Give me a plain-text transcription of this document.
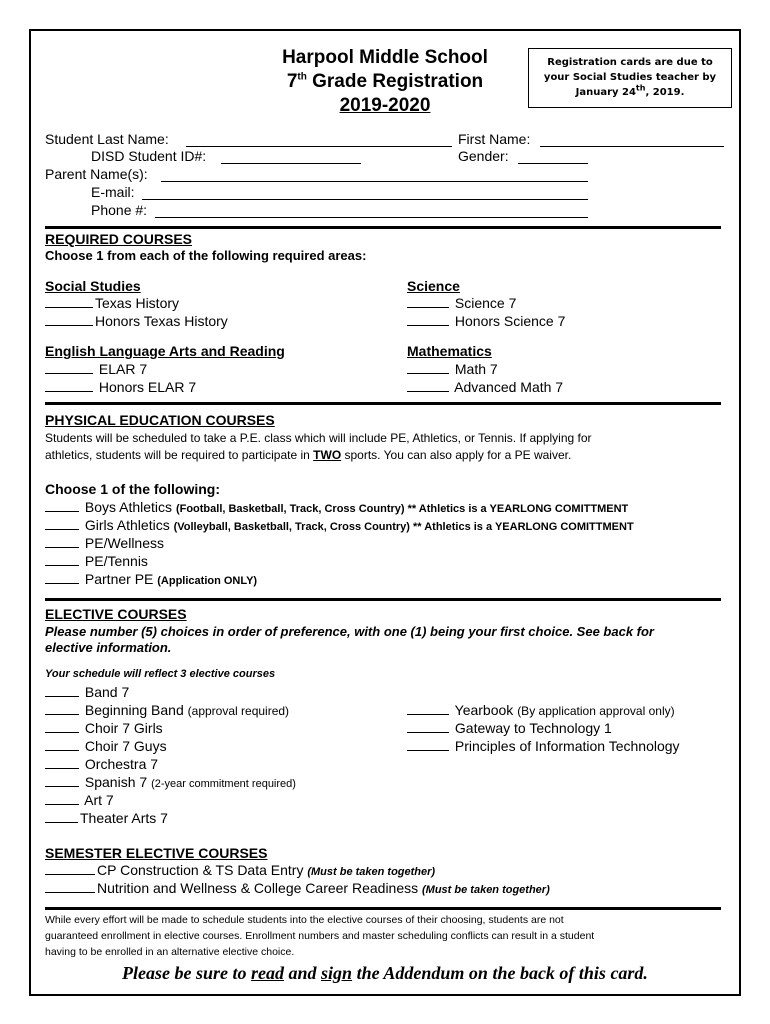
Harpool Middle School
7th Grade Registration
2019-2020
Registration cards are due to
your Social Studies teacher by
January 24th, 2019.
Student Last Name:	First Name:
DISD Student ID#:	Gender:
Parent Name(s):
E-mail:
Phone #:
REQUIRED COURSES
Choose 1 from each of the following required areas:
Social Studies
Texas History
Honors Texas History
Science
Science 7
Honors Science 7
English Language Arts and Reading
ELAR 7
Honors ELAR 7
Mathematics
Math 7
Advanced Math 7
PHYSICAL EDUCATION COURSES
Students will be scheduled to take a P.E. class which will include PE, Athletics, or Tennis. If applying for
athletics, students will be required to participate in TWO sports. You can also apply for a PE waiver.
Choose 1 of the following:
Boys Athletics (Football, Basketball, Track, Cross Country) ** Athletics is a YEARLONG COMITTMENT
Girls Athletics (Volleyball, Basketball, Track, Cross Country) ** Athletics is a YEARLONG COMITTMENT
PE/Wellness
PE/Tennis
Partner PE (Application ONLY)
ELECTIVE COURSES
Please number (5) choices in order of preference, with one (1) being your first choice. See back for
elective information.
Your schedule will reflect 3 elective courses
Band 7
Beginning Band (approval required)
Choir 7 Girls
Choir 7 Guys
Orchestra 7
Spanish 7 (2-year commitment required)
Art 7
Theater Arts 7
Yearbook (By application approval only)
Gateway to Technology 1
Principles of Information Technology
SEMESTER ELECTIVE COURSES
CP Construction & TS Data Entry (Must be taken together)
Nutrition and Wellness & College Career Readiness (Must be taken together)
While every effort will be made to schedule students into the elective courses of their choosing, students are not
guaranteed enrollment in elective courses. Enrollment numbers and master scheduling conflicts can result in a student
having to be enrolled in an alternative elective choice.
Please be sure to read and sign the Addendum on the back of this card.
